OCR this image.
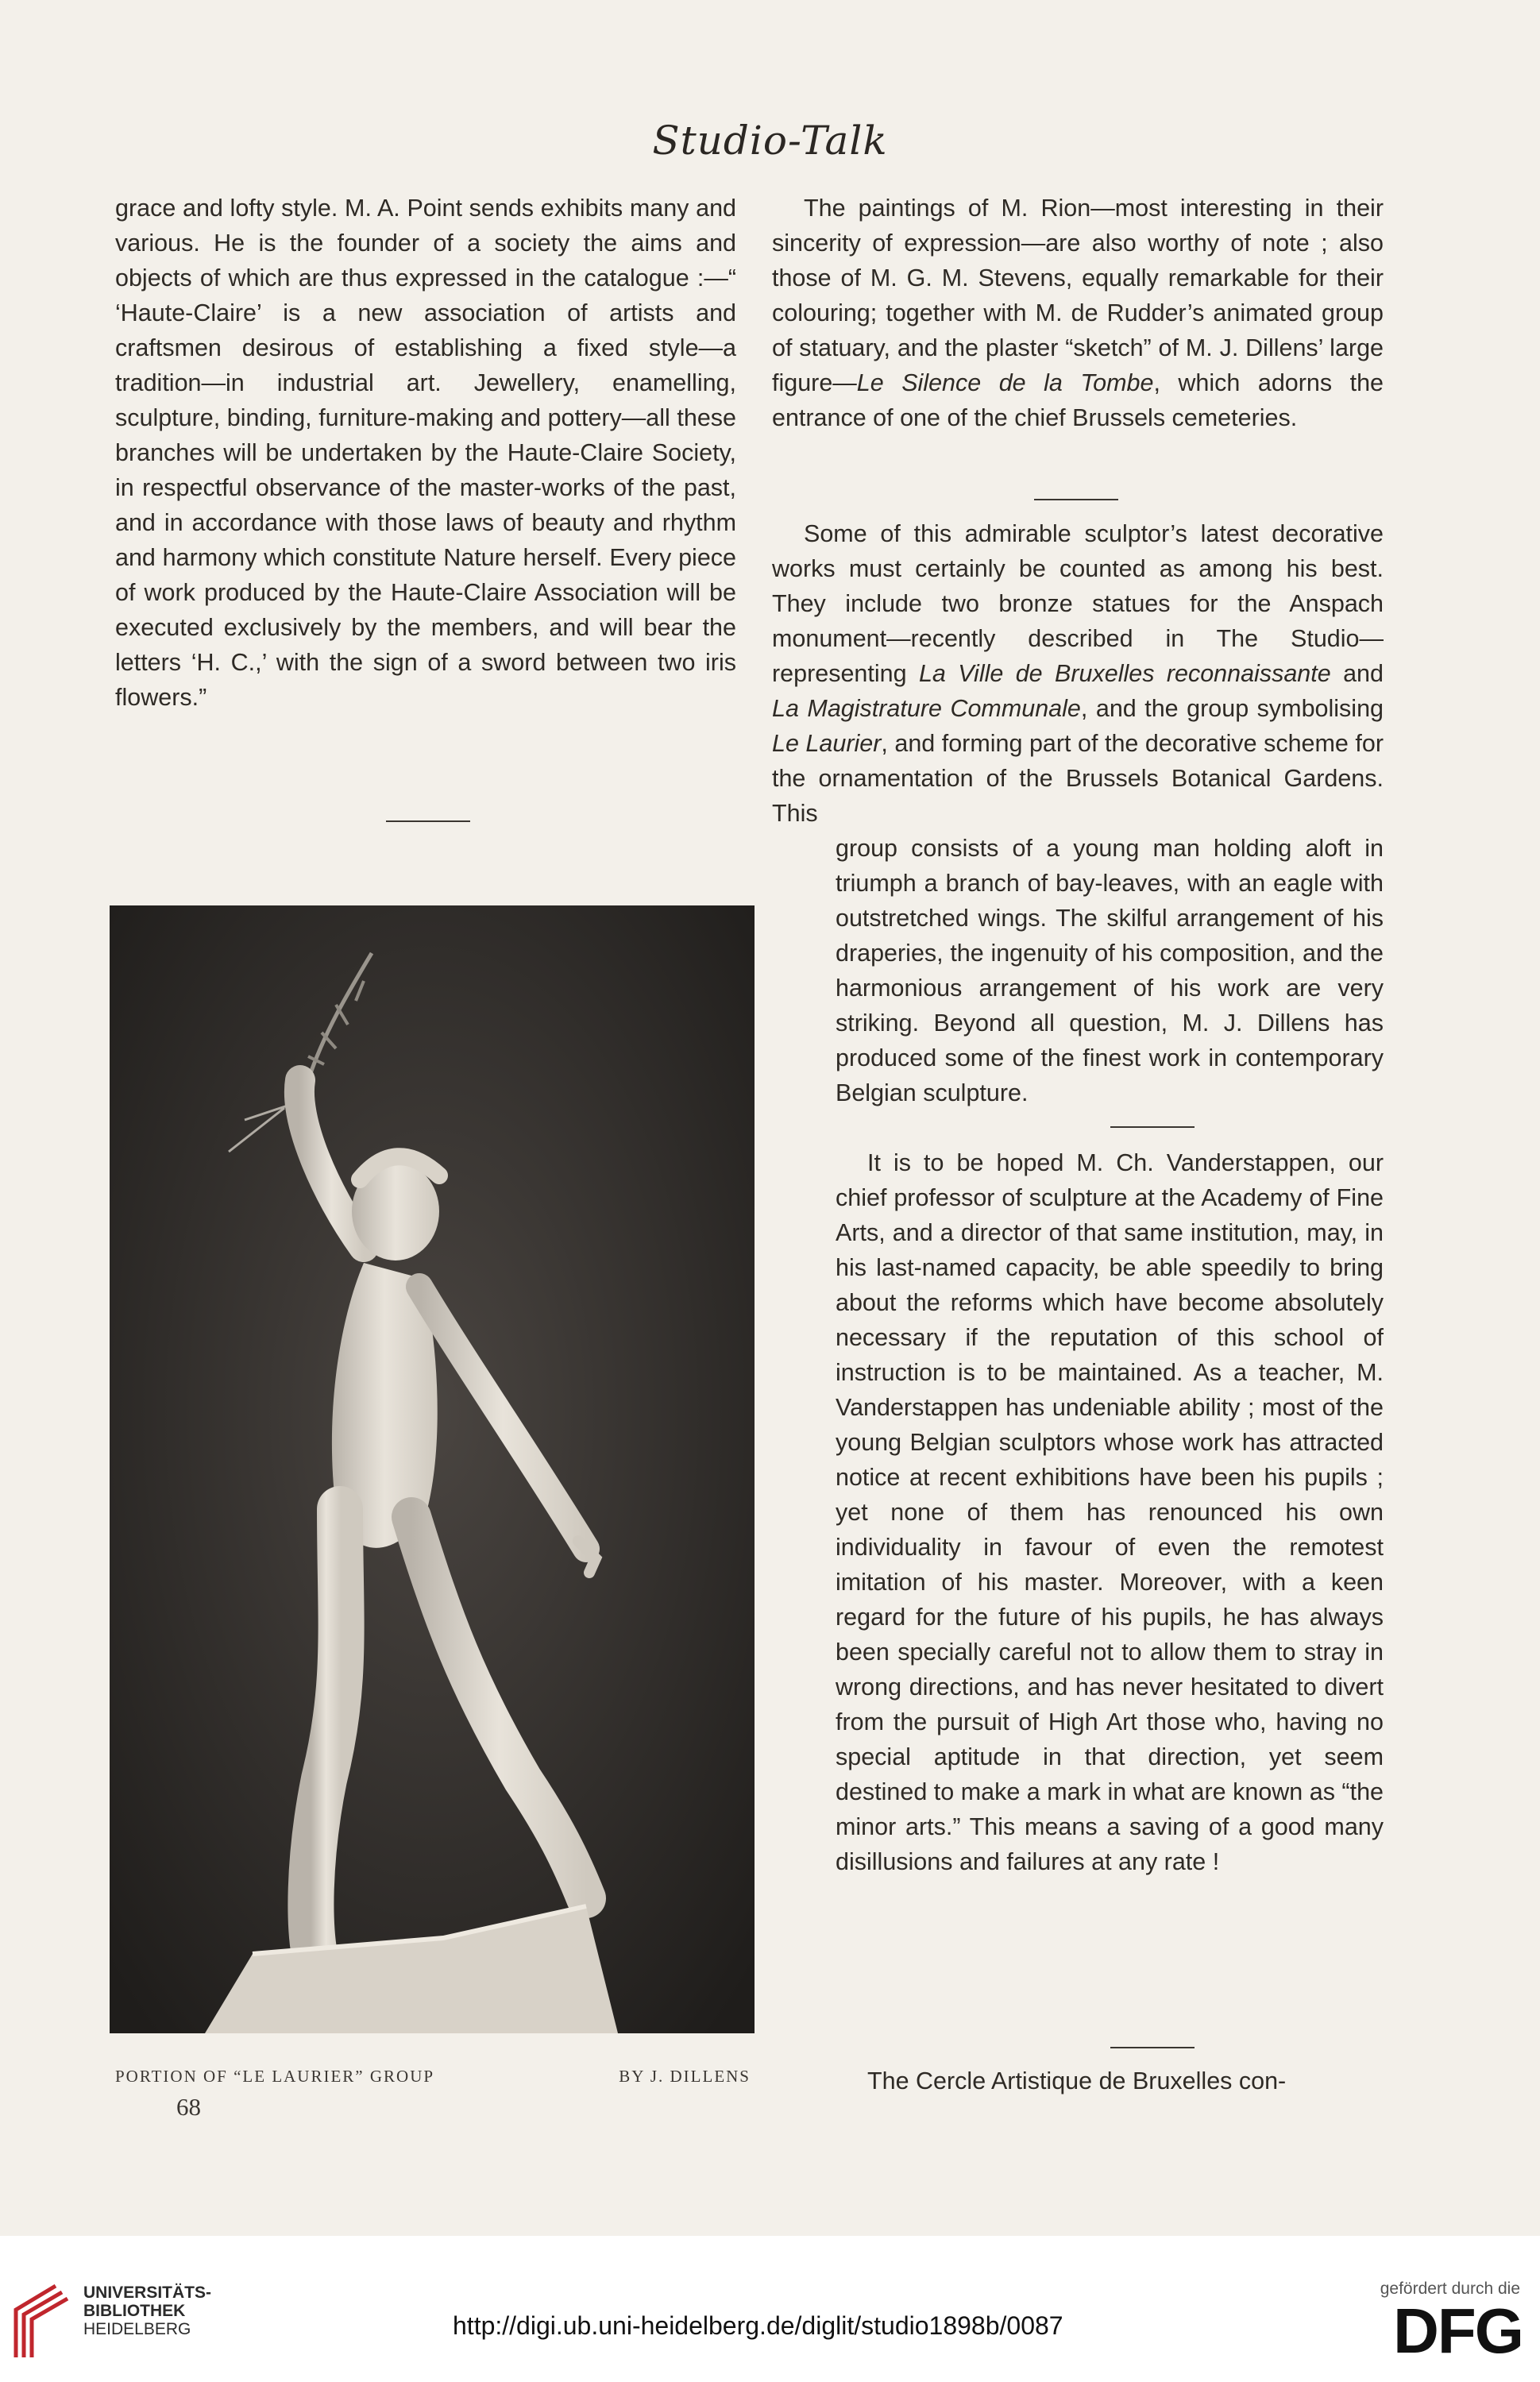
Studio-Talk

grace and lofty style. M. A. Point sends exhibits many and various. He is the founder of a society the aims and objects of which are thus expressed in the catalogue :—“ ‘Haute-Claire’ is a new association of artists and craftsmen desirous of establishing a fixed style—a tradition—in industrial art. Jewellery, enamelling, sculpture, binding, furniture-making and pottery—all these branches will be undertaken by the Haute-Claire Society, in respectful observance of the master-works of the past, and in accordance with those laws of beauty and rhythm and harmony which constitute Nature herself. Every piece of work produced by the Haute-Claire Association will be executed exclusively by the members, and will bear the letters ‘H. C.,’ with the sign of a sword between two iris flowers.”

PORTION OF “LE LAURIER” GROUP	BY J. DILLENS
68

The paintings of M. Rion—most interesting in their sincerity of expression—are also worthy of note ; also those of M. G. M. Stevens, equally remarkable for their colouring; together with M. de Rudder’s animated group of statuary, and the plaster “sketch” of M. J. Dillens’ large figure—Le Silence de la Tombe, which adorns the entrance of one of the chief Brussels cemeteries.

Some of this admirable sculptor’s latest decorative works must certainly be counted as among his best. They include two bronze statues for the Anspach monument—recently described in The Studio—representing La Ville de Bruxelles reconnaissante and La Magistrature Communale, and the group symbolising Le Laurier, and forming part of the decorative scheme for the ornamentation of the Brussels Botanical Gardens. This

group consists of a young man holding aloft in triumph a branch of bay-leaves, with an eagle with outstretched wings. The skilful arrangement of his draperies, the ingenuity of his composition, and the harmonious arrangement of his work are very striking. Beyond all question, M. J. Dillens has produced some of the finest work in contemporary Belgian sculpture.

It is to be hoped M. Ch. Vanderstappen, our chief professor of sculpture at the Academy of Fine Arts, and a director of that same institution, may, in his last-named capacity, be able speedily to bring about the reforms which have become absolutely necessary if the reputation of this school of instruction is to be maintained. As a teacher, M. Vanderstappen has undeniable ability ; most of the young Belgian sculptors whose work has attracted notice at recent exhibitions have been his pupils ; yet none of them has renounced his own individuality in favour of even the remotest imitation of his master. Moreover, with a keen regard for the future of his pupils, he has always been specially careful not to allow them to stray in wrong directions, and has never hesitated to divert from the pursuit of High Art those who, having no special aptitude in that direction, yet seem destined to make a mark in what are known as “the minor arts.” This means a saving of a good many disillusions and failures at any rate !

The Cercle Artistique de Bruxelles con-

UNIVERSITÄTS-
BIBLIOTHEK
HEIDELBERG	http://digi.ub.uni-heidelberg.de/diglit/studio1898b/0087
gefördert durch die
DFG
